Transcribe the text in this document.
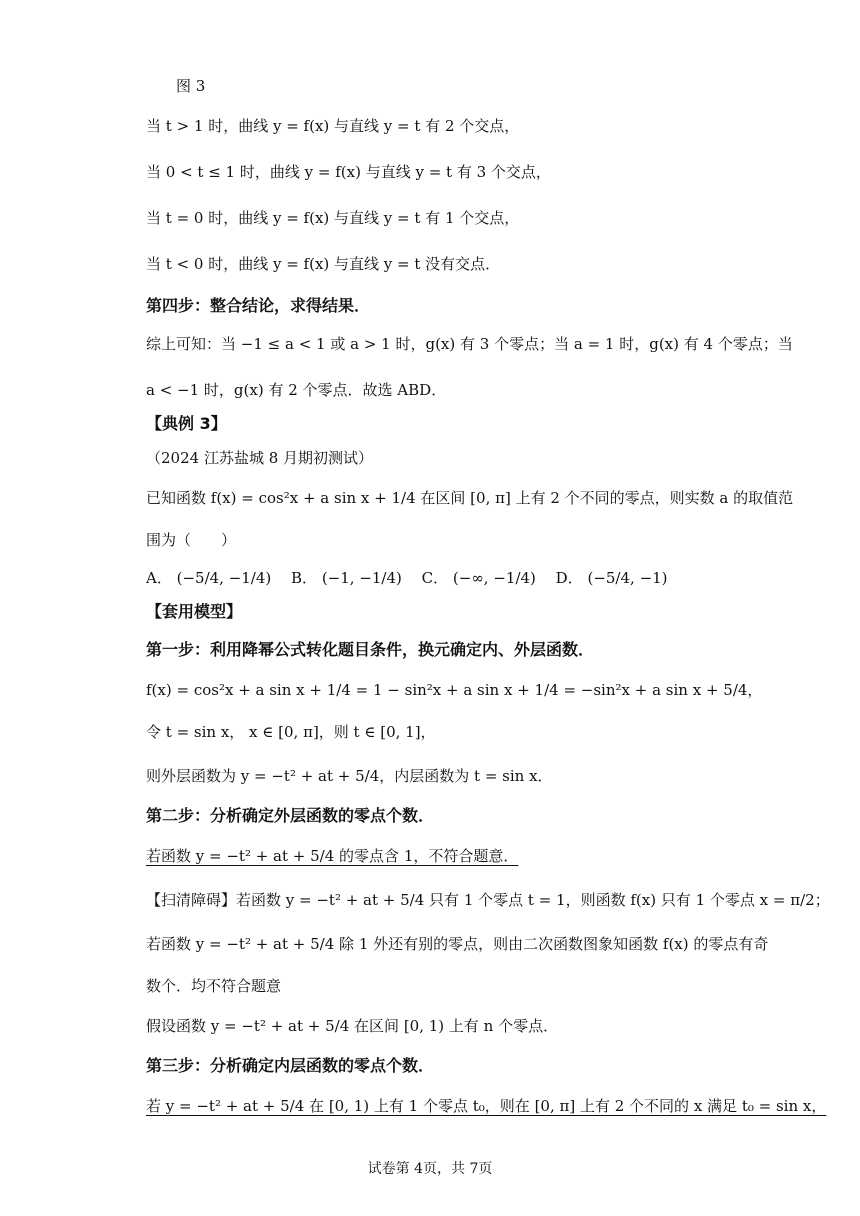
图 3
当 t > 1 时，曲线 y = f(x) 与直线 y = t 有 2 个交点，
当 0 < t ≤ 1 时，曲线 y = f(x) 与直线 y = t 有 3 个交点，
当 t = 0 时，曲线 y = f(x) 与直线 y = t 有 1 个交点，
当 t < 0 时，曲线 y = f(x) 与直线 y = t 没有交点．
第四步：整合结论，求得结果．
综上可知：当 −1 ≤ a < 1 或 a > 1 时，g(x) 有 3 个零点；当 a = 1 时，g(x) 有 4 个零点；当
a < −1 时，g(x) 有 2 个零点．故选 ABD．
【典例 3】
（2024 江苏盐城 8 月期初测试）
已知函数 f(x) = cos²x + a sin x + 1/4 在区间 [0, π] 上有 2 个不同的零点，则实数 a 的取值范
围为（　　）
A． (−5/4, −1/4)　 B． (−1, −1/4)　 C． (−∞, −1/4)　 D． (−5/4, −1)
【套用模型】
第一步：利用降幂公式转化题目条件，换元确定内、外层函数．
f(x) = cos²x + a sin x + 1/4 = 1 − sin²x + a sin x + 1/4 = −sin²x + a sin x + 5/4，
令 t = sin x， x ∈ [0, π]，则 t ∈ [0, 1]，
则外层函数为 y = −t² + at + 5/4，内层函数为 t = sin x．
第二步：分析确定外层函数的零点个数．
若函数 y = −t² + at + 5/4 的零点含 1，不符合题意．
【扫清障碍】若函数 y = −t² + at + 5/4 只有 1 个零点 t = 1，则函数 f(x) 只有 1 个零点 x = π/2；
若函数 y = −t² + at + 5/4 除 1 外还有别的零点，则由二次函数图象知函数 f(x) 的零点有奇
数个．均不符合题意
假设函数 y = −t² + at + 5/4 在区间 [0, 1) 上有 n 个零点．
第三步：分析确定内层函数的零点个数．
若 y = −t² + at + 5/4 在 [0, 1) 上有 1 个零点 t₀，则在 [0, π] 上有 2 个不同的 x 满足 t₀ = sin x，
试卷第 4页，共 7页
